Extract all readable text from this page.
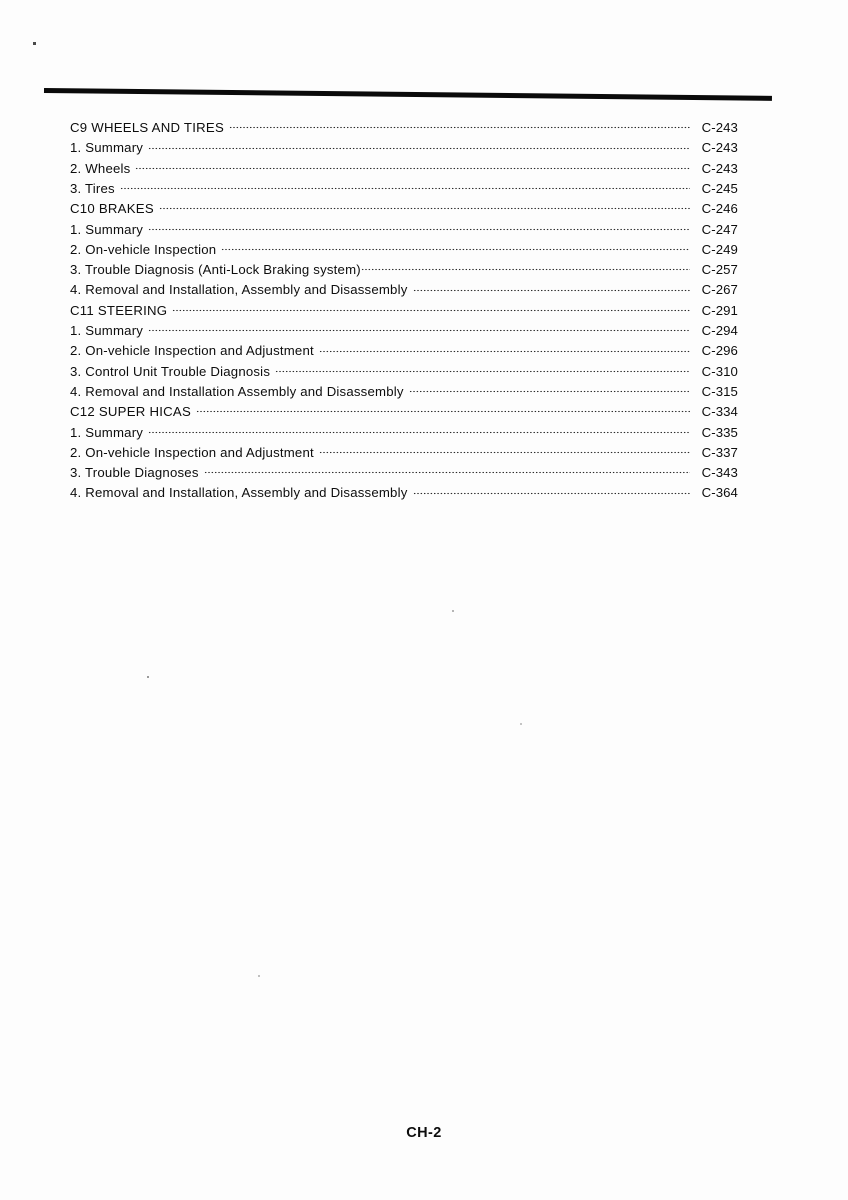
C9 WHEELS AND TIRES	C-243
1. Summary	C-243
2. Wheels	C-243
3. Tires	C-245
C10 BRAKES	C-246
1. Summary	C-247
2. On-vehicle Inspection	C-249
3. Trouble Diagnosis (Anti-Lock Braking system)	C-257
4. Removal and Installation, Assembly and Disassembly	C-267
C11 STEERING	C-291
1. Summary	C-294
2. On-vehicle Inspection and Adjustment	C-296
3. Control Unit Trouble Diagnosis	C-310
4. Removal and Installation Assembly and Disassembly	C-315
C12 SUPER HICAS	C-334
1. Summary	C-335
2. On-vehicle Inspection and Adjustment	C-337
3. Trouble Diagnoses	C-343
4. Removal and Installation, Assembly and Disassembly	C-364
CH-2
